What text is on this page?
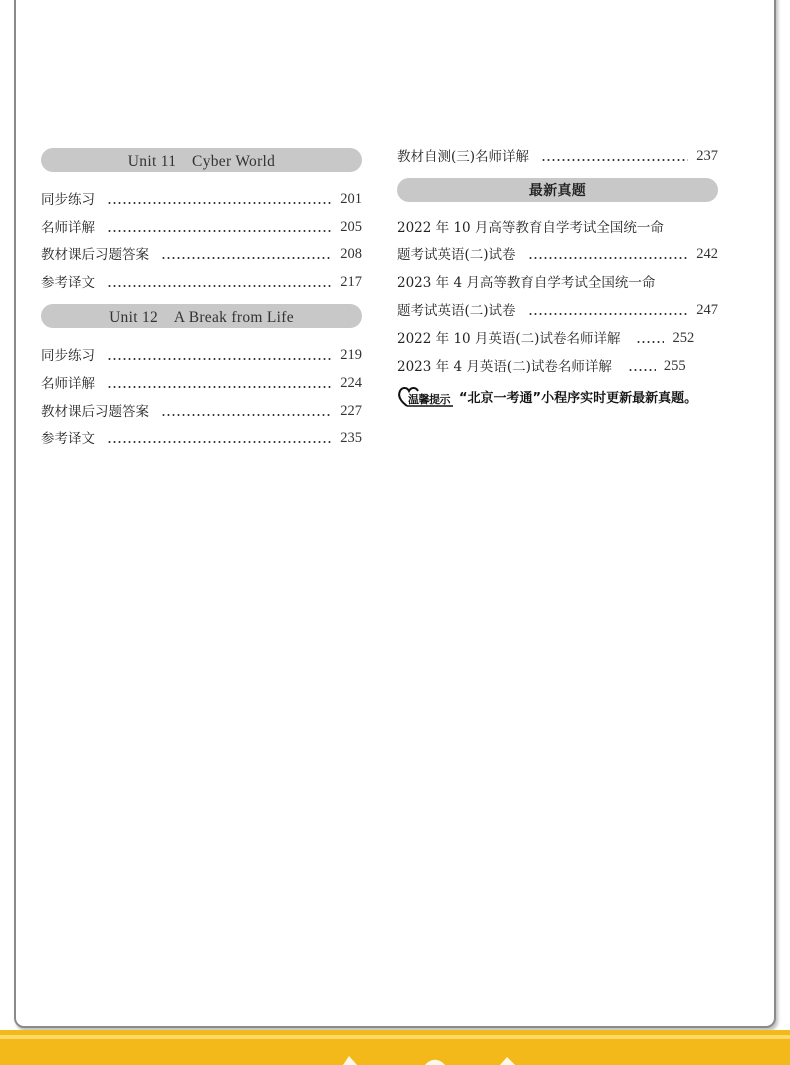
Unit 11　Cyber World
同步练习	201
名师详解	205
教材课后习题答案	208
参考译文	217
Unit 12　A Break from Life
同步练习	219
名师详解	224
教材课后习题答案	227
参考译文	235
教材自测(三)名师详解	237
最新真题
2022 年 10 月高等教育自学考试全国统一命
题考试英语(二)试卷	242
2023 年 4 月高等教育自学考试全国统一命
题考试英语(二)试卷	247
2022 年 10 月英语(二)试卷名师详解	252
2023 年 4 月英语(二)试卷名师详解	255
温馨提示 “北京一考通”小程序实时更新最新真题。
